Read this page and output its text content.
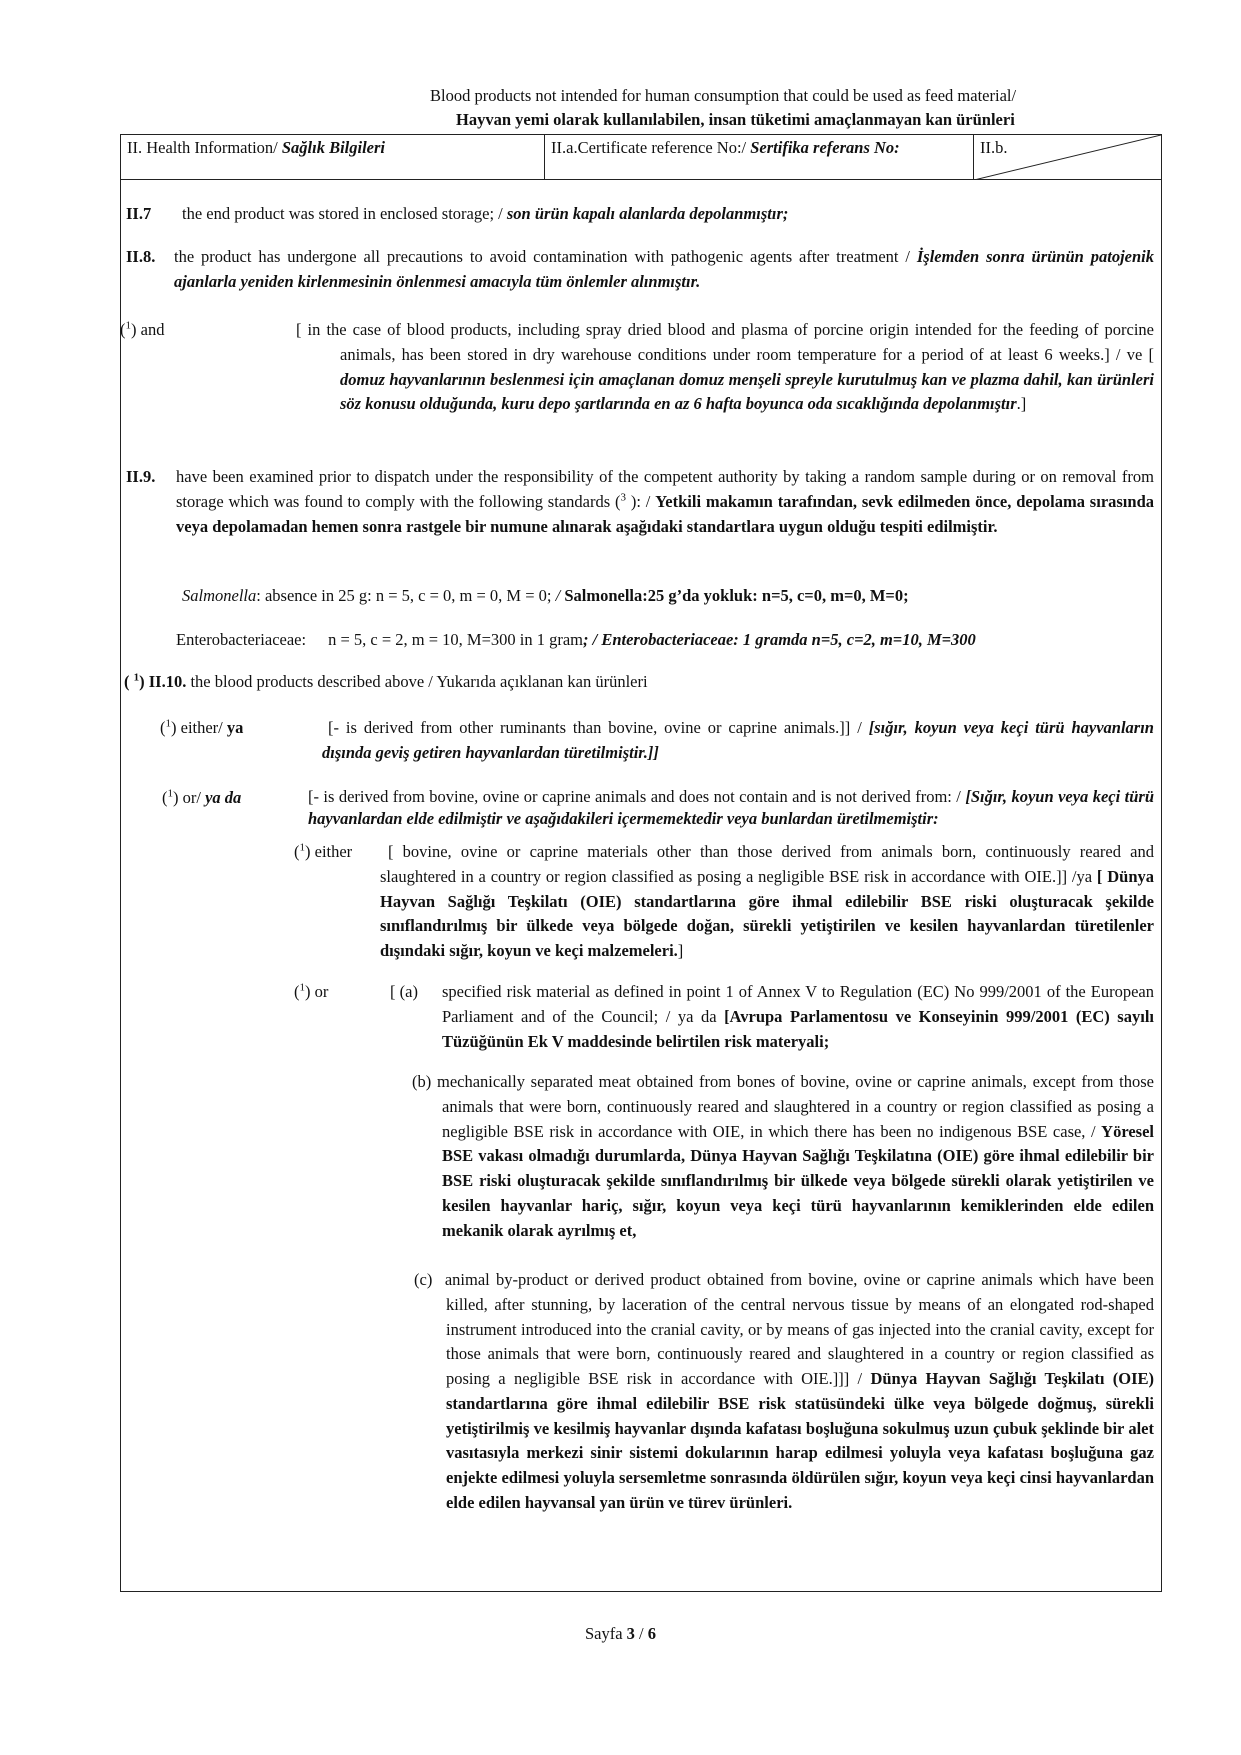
Blood products not intended for human consumption that could be used as feed material/
Hayvan yemi olarak kullanılabilen, insan tüketimi amaçlanmayan kan ürünleri
II. Health Information/ Sağlık Bilgileri	II.a.Certificate reference No:/ Sertifika referans No:	II.b.
II.7 the end product was stored in enclosed storage; / son ürün kapalı alanlarda depolanmıştır;
II.8. the product has undergone all precautions to avoid contamination with pathogenic agents after treatment / İşlemden sonra ürünün patojenik ajanlarla yeniden kirlenmesinin önlenmesi amacıyla tüm önlemler alınmıştır.
($^1$) and	[ in the case of blood products, including spray dried blood and plasma of porcine origin intended for the feeding of porcine animals, has been stored in dry warehouse conditions under room temperature for a period of at least 6 weeks.] / ve [ domuz hayvanlarının beslenmesi için amaçlanan domuz menşeli spreyle kurutulmuş kan ve plazma dahil, kan ürünleri söz konusu olduğunda, kuru depo şartlarında en az 6 hafta boyunca oda sıcaklığında depolanmıştır.]
II.9. have been examined prior to dispatch under the responsibility of the competent authority by taking a random sample during or on removal from storage which was found to comply with the following standards ($^3$ ): / Yetkili makamın tarafından, sevk edilmeden önce, depolama sırasında veya depolamadan hemen sonra rastgele bir numune alınarak aşağıdaki standartlara uygun olduğu tespiti edilmiştir.
Salmonella: absence in 25 g: n = 5, c = 0, m = 0, M = 0; / Salmonella:25 g’da yokluk: n=5, c=0, m=0, M=0;
Enterobacteriaceae: n = 5, c = 2, m = 10, M=300 in 1 gram; / Enterobacteriaceae: 1 gramda n=5, c=2, m=10, M=300
( $^1$) II.10. the blood products described above / Yukarıda açıklanan kan ürünleri
($^1$) either/ ya	[- is derived from other ruminants than bovine, ovine or caprine animals.]] / [sığır, koyun veya keçi türü hayvanların dışında geviş getiren hayvanlardan türetilmiştir.]]
($^1$) or/ ya da	[- is derived from bovine, ovine or caprine animals and does not contain and is not derived from: / [Sığır, koyun veya keçi türü hayvanlardan elde edilmiştir ve aşağıdakileri içermemektedir veya bunlardan üretilmemiştir:
($^1$) either	[ bovine, ovine or caprine materials other than those derived from animals born, continuously reared and slaughtered in a country or region classified as posing a negligible BSE risk in accordance with OIE.]] /ya [ Dünya Hayvan Sağlığı Teşkilatı (OIE) standartlarına göre ihmal edilebilir BSE riski oluşturacak şekilde sınıflandırılmış bir ülkede veya bölgede doğan, sürekli yetiştirilen ve kesilen hayvanlardan türetilenler dışındaki sığır, koyun ve keçi malzemeleri.]
($^1$) or	[ (a) specified risk material as defined in point 1 of Annex V to Regulation (EC) No 999/2001 of the European Parliament and of the Council; / ya da [Avrupa Parlamentosu ve Konseyinin 999/2001 (EC) sayılı Tüzüğünün Ek V maddesinde belirtilen risk materyali;
(b) mechanically separated meat obtained from bones of bovine, ovine or caprine animals, except from those animals that were born, continuously reared and slaughtered in a country or region classified as posing a negligible BSE risk in accordance with OIE, in which there has been no indigenous BSE case, / Yöresel BSE vakası olmadığı durumlarda, Dünya Hayvan Sağlığı Teşkilatına (OIE) göre ihmal edilebilir bir BSE riski oluşturacak şekilde sınıflandırılmış bir ülkede veya bölgede sürekli olarak yetiştirilen ve kesilen hayvanlar hariç, sığır, koyun veya keçi türü hayvanlarının kemiklerinden elde edilen mekanik olarak ayrılmış et,
(c) animal by-product or derived product obtained from bovine, ovine or caprine animals which have been killed, after stunning, by laceration of the central nervous tissue by means of an elongated rod-shaped instrument introduced into the cranial cavity, or by means of gas injected into the cranial cavity, except for those animals that were born, continuously reared and slaughtered in a country or region classified as posing a negligible BSE risk in accordance with OIE.]]] / Dünya Hayvan Sağlığı Teşkilatı (OIE) standartlarına göre ihmal edilebilir BSE risk statüsündeki ülke veya bölgede doğmuş, sürekli yetiştirilmiş ve kesilmiş hayvanlar dışında kafatası boşluğuna sokulmuş uzun çubuk şeklinde bir alet vasıtasıyla merkezi sinir sistemi dokularının harap edilmesi yoluyla veya kafatası boşluğuna gaz enjekte edilmesi yoluyla sersemletme sonrasında öldürülen sığır, koyun veya keçi cinsi hayvanlardan elde edilen hayvansal yan ürün ve türev ürünleri.
Sayfa 3 / 6
